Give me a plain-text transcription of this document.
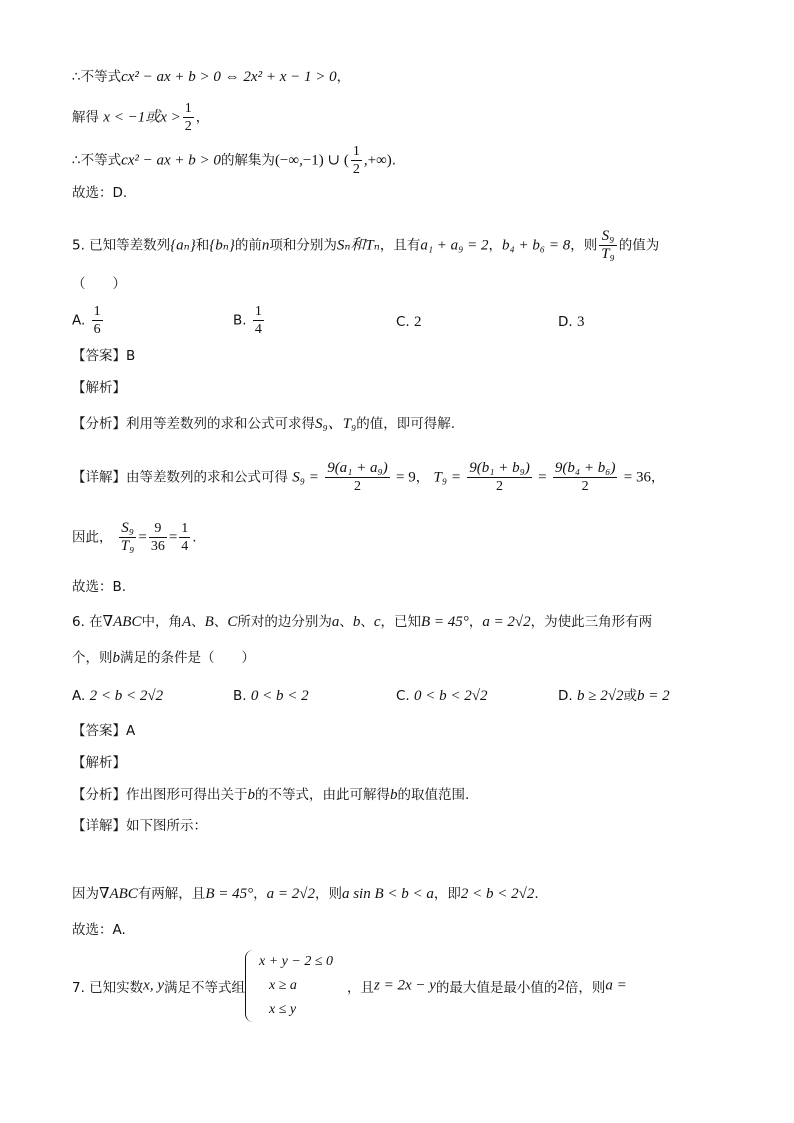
∴不等式cx² − ax + b > 0 ⇔ 2x² + x − 1 > 0，
解得 x < −1或$x > \frac{1}{2}$ ，
∴不等式cx² − ax + b > 0的解集为(−∞,−1) ∪ ( $\frac{1}{2}$ ,+∞).
故选：D.
5. 已知等差数列{aₙ}和{bₙ}的前n项和分别为Sₙ和Tₙ，且有a₁ + a₉ = 2，b₄ + b₆ = 8，则 $\frac{\text{S₉}}{\text{T₉}}$ 的值为
（　　）
A. $\frac{1}{6}$	B. $\frac{1}{4}$	C. 2	D. 3
【答案】B
【解析】
【分析】利用等差数列的求和公式可求得S₉、T₉的值，即可得解.
【详解】由等差数列的求和公式可得 $S_9 = \frac{\text{9(a₁ + a₉)}}{2} = 9$， $T_9 = \frac{\text{9(b₁ + b₉)}}{2} = \frac{\text{9(b₄ + b₆)}}{2} = 36$，
因此， $\frac{\text{S₉}}{\text{T₉}} = \frac{9}{36} = \frac{1}{4}$ .
故选：B.
6. 在∇ABC中，角A、B、C所对的边分别为a、b、c，已知B = 45°，a = 2√2，为使此三角形有两
个，则b满足的条件是（　　）
A. 2 < b < 2√2	B. 0 < b < 2	C. 0 < b < 2√2	D. b ≥ 2√2或b = 2
【答案】A
【解析】
【分析】作出图形可得出关于b的不等式，由此可解得b的取值范围.
【详解】如下图所示：
因为∇ABC有两解，且B = 45°，a = 2√2，则a sin B < b < a，即2 < b < 2√2.
故选：A.
7. 已知实数x, y满足不等式组
x + y − 2 ≤ 0
x ≥ a
x ≤ y
，且z = 2x − y的最大值是最小值的2倍，则a =
